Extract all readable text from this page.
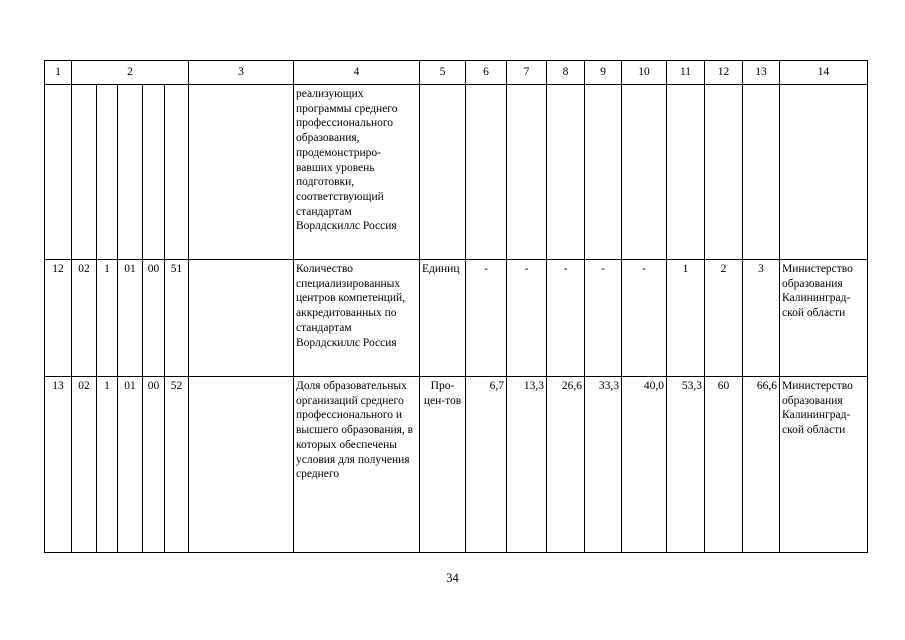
1	2					3	4	5	6	7	8	9	10	11	12	13	14
							реализующих программы среднего профессионального образования, продемонстриро-вавших уровень подготовки, соответствующий стандартам Ворлдскиллс Россия										
12	02	1	01	00	51		Количество специализированных центров компетенций, аккредитованных по стандартам Ворлдскиллс Россия	Единиц	-	-	-	-	-	1	2	3	Министерство образования Калининград-ской области
13	02	1	01	00	52		Доля образовательных организаций среднего профессионального и высшего образования, в которых обеспечены условия для получения среднего	Про-цен-тов	6,7	13,3	26,6	33,3	40,0	53,3	60	66,6	Министерство образования Калининград-ской области
34
